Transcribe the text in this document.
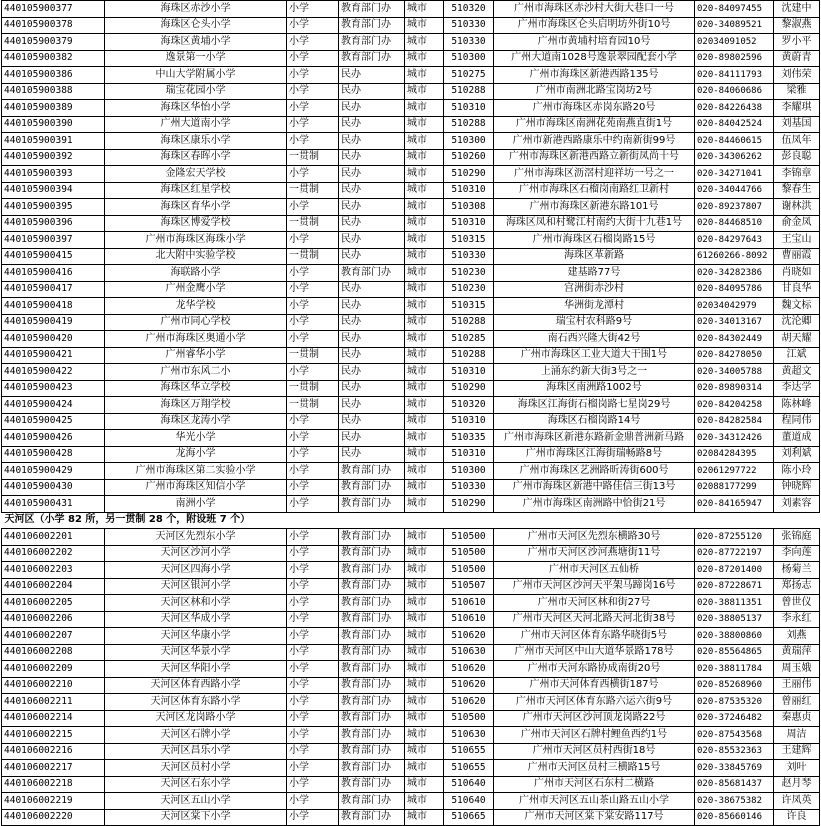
440105900377	海珠区赤沙小学	小学	教育部门办	城市	510320	广州市海珠区赤沙村大街大巷口一号	020-84097455	沈建中
440105900378	海珠区仑头小学	小学	教育部门办	城市	510330	广州市海珠区仑头启明坊外街10号	020-34089521	黎淑燕
440105900379	海珠区黄埔小学	小学	教育部门办	城市	510330	广州市黄埔村培育园10号	02034091052	罗小平
440105900382	逸景第一小学	小学	教育部门办	城市	510300	广州大道南1028号逸景翠园配套小学	020-89802596	黄蔚青
440105900386	中山大学附属小学	小学	民办	城市	510275	广州市海珠区新港西路135号	020-84111793	刘伟荣
440105900388	瑞宝花园小学	小学	民办	城市	510288	广州市南洲北路宝岗坊2号	020-84060686	梁雅
440105900389	海珠区华怡小学	小学	民办	城市	510310	广州市海珠区赤岗东路20号	020-84226438	李耀琪
440105900390	广州大道南小学	小学	民办	城市	510288	广州市海珠区南洲花苑南燕直街1号	020-84042524	刘基国
440105900391	海珠区康乐小学	小学	民办	城市	510300	广州市新港西路康乐中约南新街99号	020-84460615	伍凤年
440105900392	海珠区春晖小学	一贯制	民办	城市	510260	广州市海珠区新港西路立新街凤尚十号	020-34306262	彭良聪
440105900393	金隆宏天学校	小学	民办	城市	510290	广州市海珠区沥滘村迎祥坊一号之一	020-34271041	李锦章
440105900394	海珠区红星学校	一贯制	民办	城市	510310	广州市海珠区石榴岗南路红卫新村	020-34044766	黎春生
440105900395	海珠区育华小学	小学	民办	城市	510308	广州市海珠区新港东路101号	020-89237807	谢林洪
440105900396	海珠区博爱学校	一贯制	民办	城市	510310	海珠区凤和村鹭江村南约大街十九巷1号	020-84468510	俞金凤
440105900397	广州市海珠区海珠小学	小学	民办	城市	510315	广州市海珠区石榴岗路15号	020-84297643	王宝山
440105900415	北大附中实验学校	一贯制	民办	城市	510330	海珠区革新路	61260266-8092	曹丽霞
440105900416	海联路小学	小学	教育部门办	城市	510230	建基路77号	020-34282386	肖晓如
440105900417	广州金鹰小学	小学	民办	城市	510230	宫洲街赤沙村	020-84095786	甘良华
440105900418	龙华学校	小学	民办	城市	510315	华洲街龙潭村	02034042979	魏文标
440105900419	广州市同心学校	小学	民办	城市	510288	瑞宝村农科路9号	020-34013167	沈沦卿
440105900420	广州市海珠区奥通小学	小学	民办	城市	510285	南石西兴隆大街42号	020-84302449	胡天耀
440105900421	广州睿华小学	一贯制	民办	城市	510288	广州市海珠区工业大道大干围1号	020-84278050	江斌
440105900422	广州市东风二小	小学	民办	城市	510310	上涌东约新大街3号之一	020-34005788	黄超文
440105900423	海珠区华立学校	一贯制	民办	城市	510290	海珠区南洲路1002号	020-89890314	李达学
440105900424	海珠区万翔学校	一贯制	民办	城市	510320	海珠区江海街石榴岗路七星岗29号	020-84204258	陈林峰
440105900425	海珠区龙涛小学	小学	民办	城市	510310	海珠区石榴岗路14号	020-84282584	程同伟
440105900426	华光小学	小学	民办	城市	510335	广州市海珠区新港东路新金鼎普洲新马路	020-34312426	董道成
440105900428	龙海小学	小学	民办	城市	510310	广州市海珠区江海街瑞畅路8号	02084284395	刘利斌
440105900429	广州市海珠区第二实验小学	小学	教育部门办	城市	510300	广州市海珠区艺洲路昕涛街600号	02061297722	陈小玲
440105900430	广州市海珠区知信小学	小学	教育部门办	城市	510330	广州市海珠区新港中路佳信三街13号	02088177299	钟晓辉
440105900431	南洲小学	小学	教育部门办	城市	510290	广州市海珠区南洲路中恰街21号	020-84165947	刘素容
天河区（小学 82 所，另一贯制 28 个，附设班 7 个）								
440106002201	天河区先烈东小学	小学	教育部门办	城市	510500	广州市天河区先烈东横路30号	020-87255120	张锦庭
440106002202	天河区沙河小学	小学	教育部门办	城市	510500	广州市天河区沙河燕塘街11号	020-87722197	李向莲
440106002203	天河区四海小学	小学	教育部门办	城市	510500	广州市天河区五仙桥	020-87201400	杨菊兰
440106002204	天河区银河小学	小学	教育部门办	城市	510507	广州市天河区沙河天平架马蹄岗16号	020-87228671	郑扬志
440106002205	天河区林和小学	小学	教育部门办	城市	510610	广州市天河区林和街27号	020-38811351	曾世仪
440106002206	天河区华成小学	小学	教育部门办	城市	510610	广州市天河区天河北路天河北街38号	020-38805137	李永红
440106002207	天河区华康小学	小学	教育部门办	城市	510620	广州市天河区体育东路华晓街5号	020-38800860	刘燕
440106002208	天河区华景小学	小学	教育部门办	城市	510630	广州市天河区中山大道华景路178号	020-85564865	黄瑞萍
440106002209	天河区华阳小学	小学	教育部门办	城市	510620	广州市天河东路协成南街20号	020-38811784	周玉娥
440106002210	天河区体育西路小学	小学	教育部门办	城市	510620	广州市天河体育西横街187号	020-85268960	王丽伟
440106002211	天河区体育东路小学	小学	教育部门办	城市	510620	广州市天河区体育东路六运六街9号	020-87535320	曾丽红
440106002214	天河区龙岗路小学	小学	教育部门办	城市	510500	广州市天河区沙河顶龙岗路22号	020-37246482	秦惠贞
440106002215	天河区石牌小学	小学	教育部门办	城市	510630	广州市天河区石牌村鲤鱼西约1号	020-87543568	周洁
440106002216	天河区昌乐小学	小学	教育部门办	城市	510655	广州市天河区员村西街18号	020-85532363	王建辉
440106002217	天河区员村小学	小学	教育部门办	城市	510655	广州市天河区员村三横路15号	020-33845769	刘叶
440106002218	天河区石东小学	小学	教育部门办	城市	510640	广州市天河区石东村二横路	020-85681437	赵月琴
440106002219	天河区五山小学	小学	教育部门办	城市	510640	广州市天河区五山茶山路五山小学	020-38675382	许凤英
440106002220	天河区棠下小学	小学	教育部门办	城市	510665	广州市天河区棠下棠安路117号	020-85660146	许良
